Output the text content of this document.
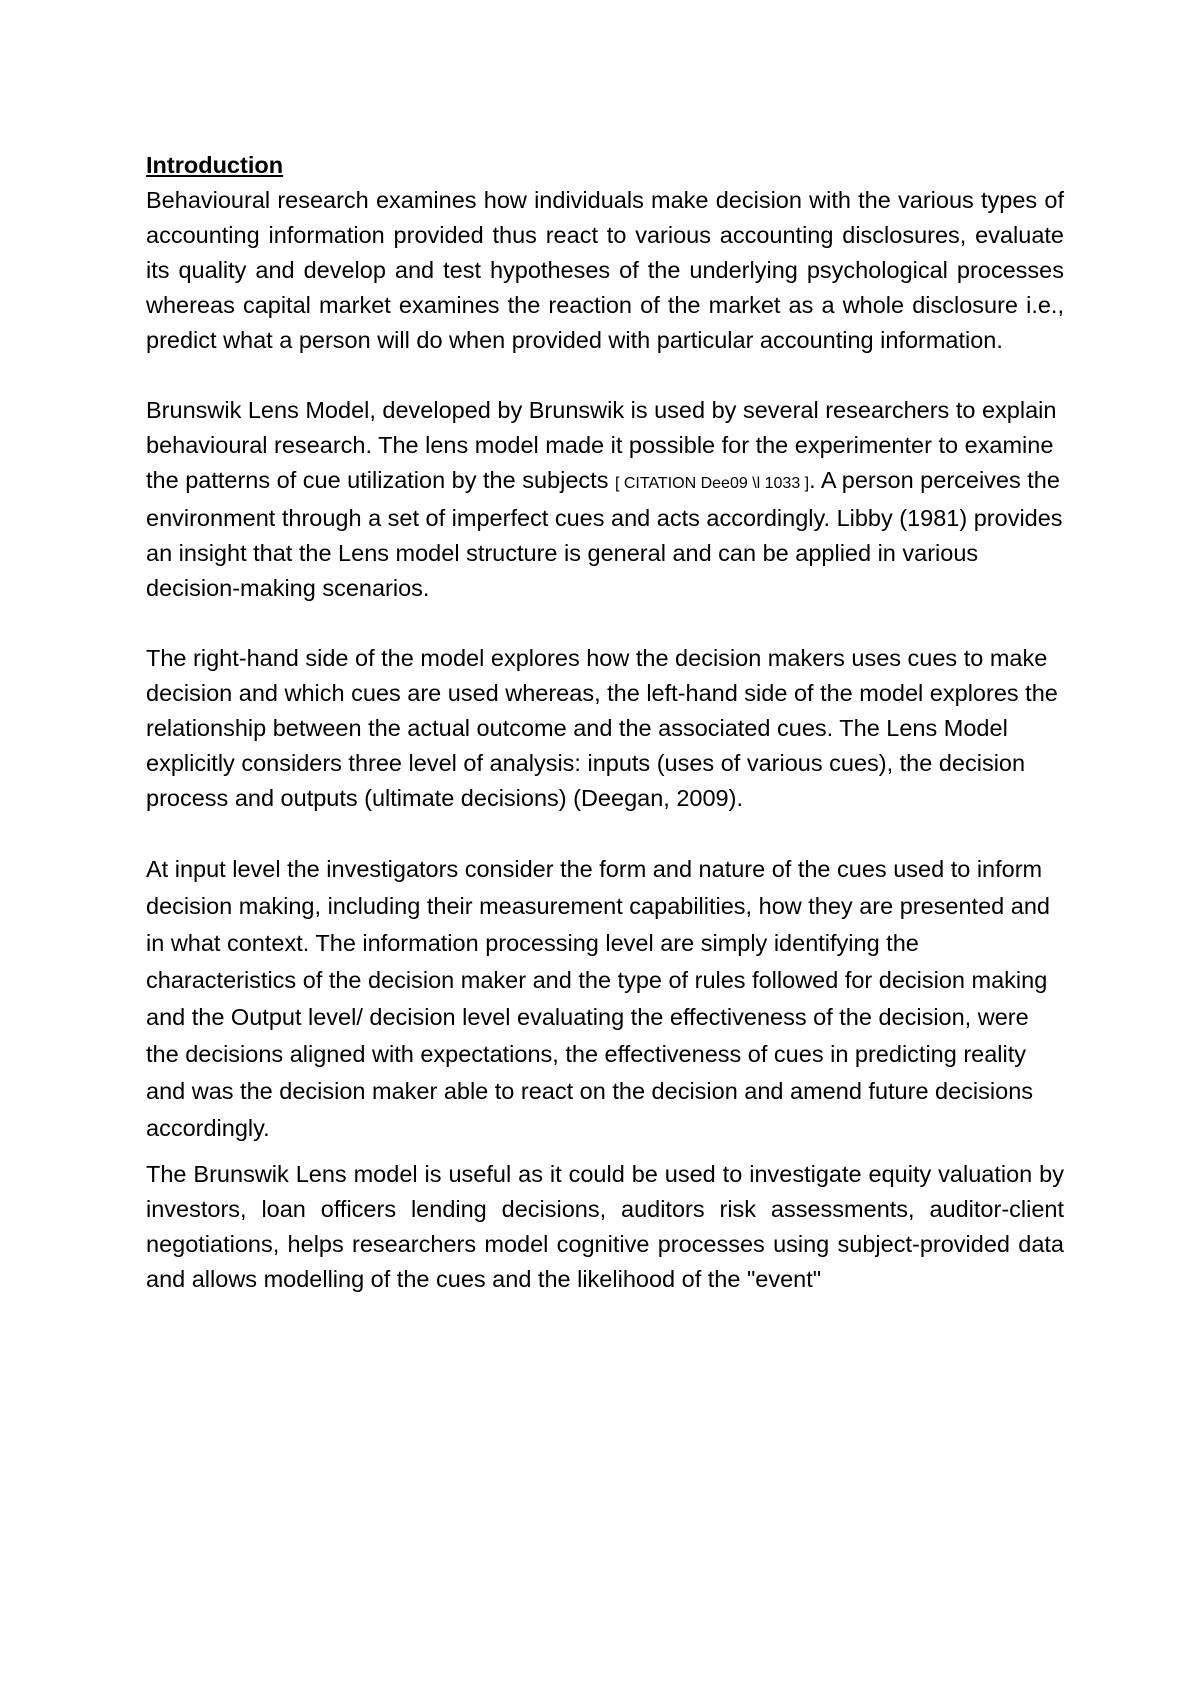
Introduction

Behavioural research examines how individuals make decision with the various types of accounting information provided thus react to various accounting disclosures, evaluate its quality and develop and test hypotheses of the underlying psychological processes whereas capital market examines the reaction of the market as a whole disclosure i.e., predict what a person will do when provided with particular accounting information.

Brunswik Lens Model, developed by Brunswik is used by several researchers to explain behavioural research. The lens model made it possible for the experimenter to examine the patterns of cue utilization by the subjects [ CITATION Dee09 \l 1033 ]. A person perceives the environment through a set of imperfect cues and acts accordingly. Libby (1981) provides an insight that the Lens model structure is general and can be applied in various decision-making scenarios.

The right-hand side of the model explores how the decision makers uses cues to make decision and which cues are used whereas, the left-hand side of the model explores the relationship between the actual outcome and the associated cues. The Lens Model explicitly considers three level of analysis: inputs (uses of various cues), the decision process and outputs (ultimate decisions) (Deegan, 2009).

At input level the investigators consider the form and nature of the cues used to inform decision making, including their measurement capabilities, how they are presented and in what context. The information processing level are simply identifying the characteristics of the decision maker and the type of rules followed for decision making and the Output level/ decision level evaluating the effectiveness of the decision, were the decisions aligned with expectations, the effectiveness of cues in predicting reality and was the decision maker able to react on the decision and amend future decisions accordingly.

The Brunswik Lens model is useful as it could be used to investigate equity valuation by investors, loan officers lending decisions, auditors risk assessments, auditor-client negotiations, helps researchers model cognitive processes using subject-provided data and allows modelling of the cues and the likelihood of the "event"
